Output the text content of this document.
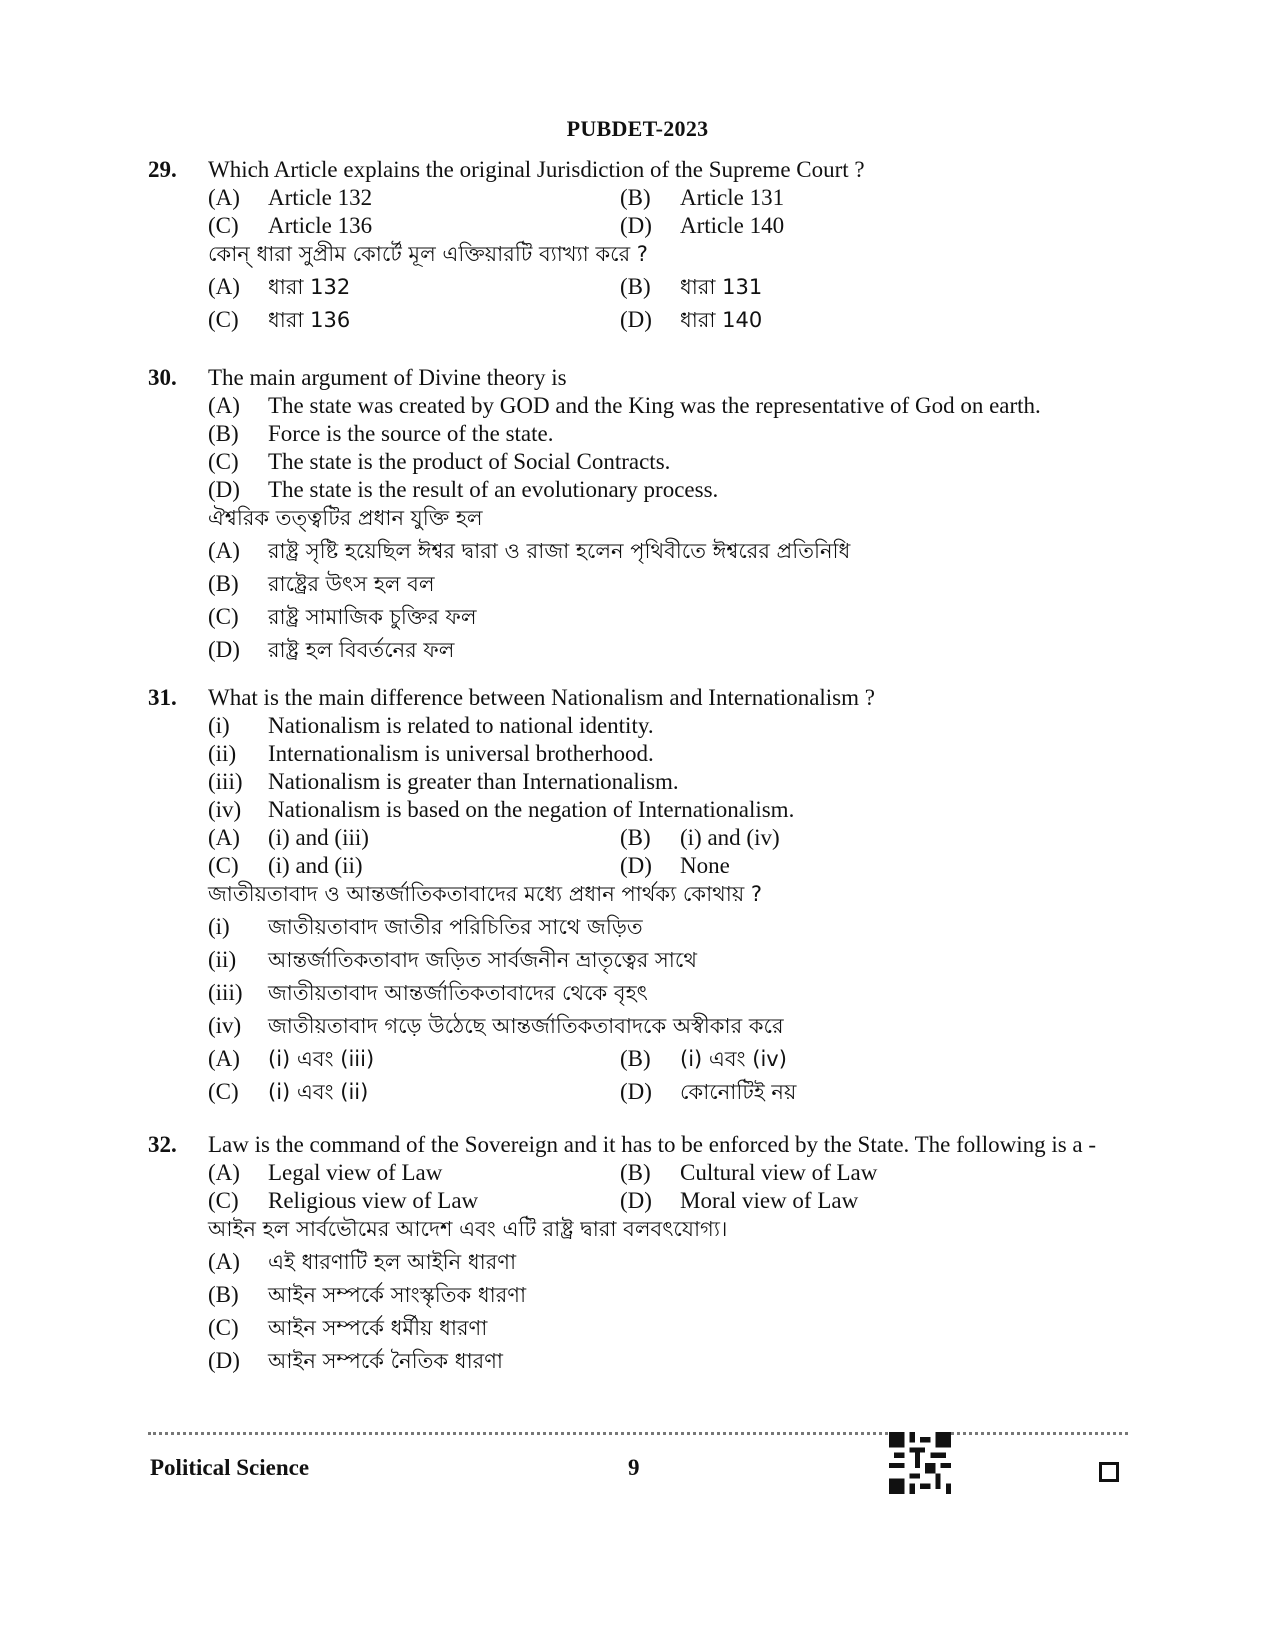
PUBDET-2023
29.	Which Article explains the original Jurisdiction of the Supreme Court ?
(A)	Article 132	(B)	Article 131
(C)	Article 136	(D)	Article 140
কোন্ ধারা সুপ্রীম কোর্টে মূল এক্তিয়ারটি ব্যাখ্যা করে ?
(A)	ধারা 132	(B)	ধারা 131
(C)	ধারা 136	(D)	ধারা 140
30.	The main argument of Divine theory is
(A)	The state was created by GOD and the King was the representative of God on earth.
(B)	Force is the source of the state.
(C)	The state is the product of Social Contracts.
(D)	The state is the result of an evolutionary process.
ঐশ্বরিক তত্ত্বটির প্রধান যুক্তি হল
(A)	রাষ্ট্র সৃষ্টি হয়েছিল ঈশ্বর দ্বারা ও রাজা হলেন পৃথিবীতে ঈশ্বরের প্রতিনিধি
(B)	রাষ্ট্রের উৎস হল বল
(C)	রাষ্ট্র সামাজিক চুক্তির ফল
(D)	রাষ্ট্র হল বিবর্তনের ফল
31.	What is the main difference between Nationalism and Internationalism ?
(i)	Nationalism is related to national identity.
(ii)	Internationalism is universal brotherhood.
(iii)	Nationalism is greater than Internationalism.
(iv)	Nationalism is based on the negation of Internationalism.
(A)	(i) and (iii)	(B)	(i) and (iv)
(C)	(i) and (ii)	(D)	None
জাতীয়তাবাদ ও আন্তর্জাতিকতাবাদের মধ্যে প্রধান পার্থক্য কোথায় ?
(i)	জাতীয়তাবাদ জাতীর পরিচিতির সাথে জড়িত
(ii)	আন্তর্জাতিকতাবাদ জড়িত সার্বজনীন ভ্রাতৃত্বের সাথে
(iii)	জাতীয়তাবাদ আন্তর্জাতিকতাবাদের থেকে বৃহৎ
(iv)	জাতীয়তাবাদ গড়ে উঠেছে আন্তর্জাতিকতাবাদকে অস্বীকার করে
(A)	(i) এবং (iii)	(B)	(i) এবং (iv)
(C)	(i) এবং (ii)	(D)	কোনোটিই নয়
32.	Law is the command of the Sovereign and it has to be enforced by the State. The following is a -
(A)	Legal view of Law	(B)	Cultural view of Law
(C)	Religious view of Law	(D)	Moral view of Law
আইন হল সার্বভৌমের আদেশ এবং এটি রাষ্ট্র দ্বারা বলবৎযোগ্য।
(A)	এই ধারণাটি হল আইনি ধারণা
(B)	আইন সম্পর্কে সাংস্কৃতিক ধারণা
(C)	আইন সম্পর্কে ধর্মীয় ধারণা
(D)	আইন সম্পর্কে নৈতিক ধারণা
Political Science	9
